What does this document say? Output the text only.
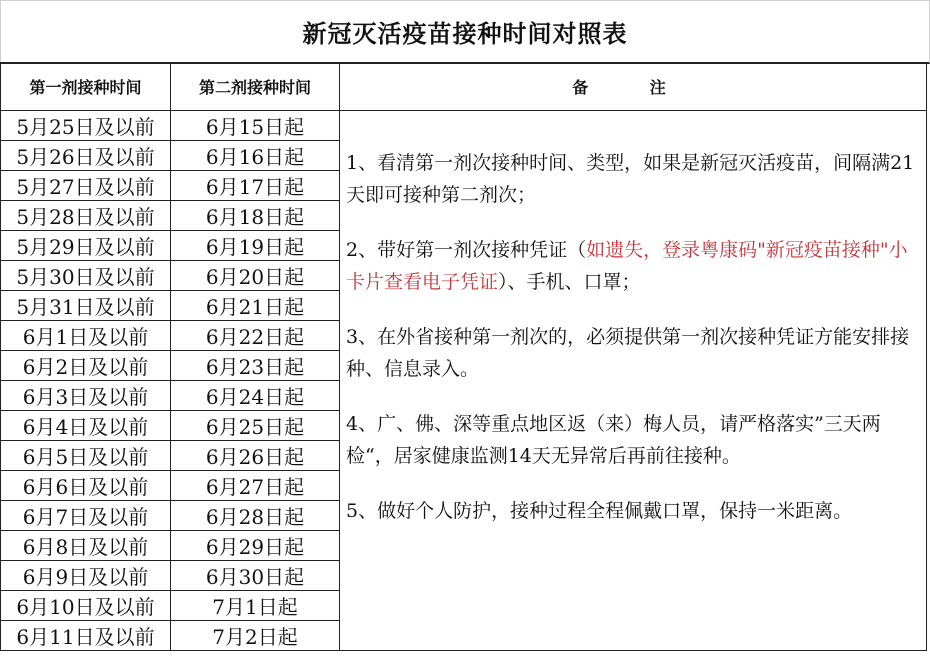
新冠灭活疫苗接种时间对照表
第一剂接种时间	第二剂接种时间	备 注
5月25日及以前	6月15日起	1、看清第一剂次接种时间、类型，如果是新冠灭活疫苗，间隔满21天即可接种第二剂次；

2、带好第一剂次接种凭证（如遗失，登录粤康码"新冠疫苗接种"小卡片查看电子凭证）、手机、口罩；

3、在外省接种第一剂次的，必须提供第一剂次接种凭证方能安排接种、信息录入。

4、广、佛、深等重点地区返（来）梅人员，请严格落实”三天两检“，居家健康监测14天无异常后再前往接种。

5、做好个人防护，接种过程全程佩戴口罩，保持一米距离。

5月26日及以前	6月16日起	
5月27日及以前	6月17日起	
5月28日及以前	6月18日起	
5月29日及以前	6月19日起	
5月30日及以前	6月20日起	
5月31日及以前	6月21日起	
6月1日及以前	6月22日起	
6月2日及以前	6月23日起	
6月3日及以前	6月24日起	
6月4日及以前	6月25日起	
6月5日及以前	6月26日起	
6月6日及以前	6月27日起	
6月7日及以前	6月28日起	
6月8日及以前	6月29日起	
6月9日及以前	6月30日起	
6月10日及以前	7月1日起	
6月11日及以前	7月2日起	
